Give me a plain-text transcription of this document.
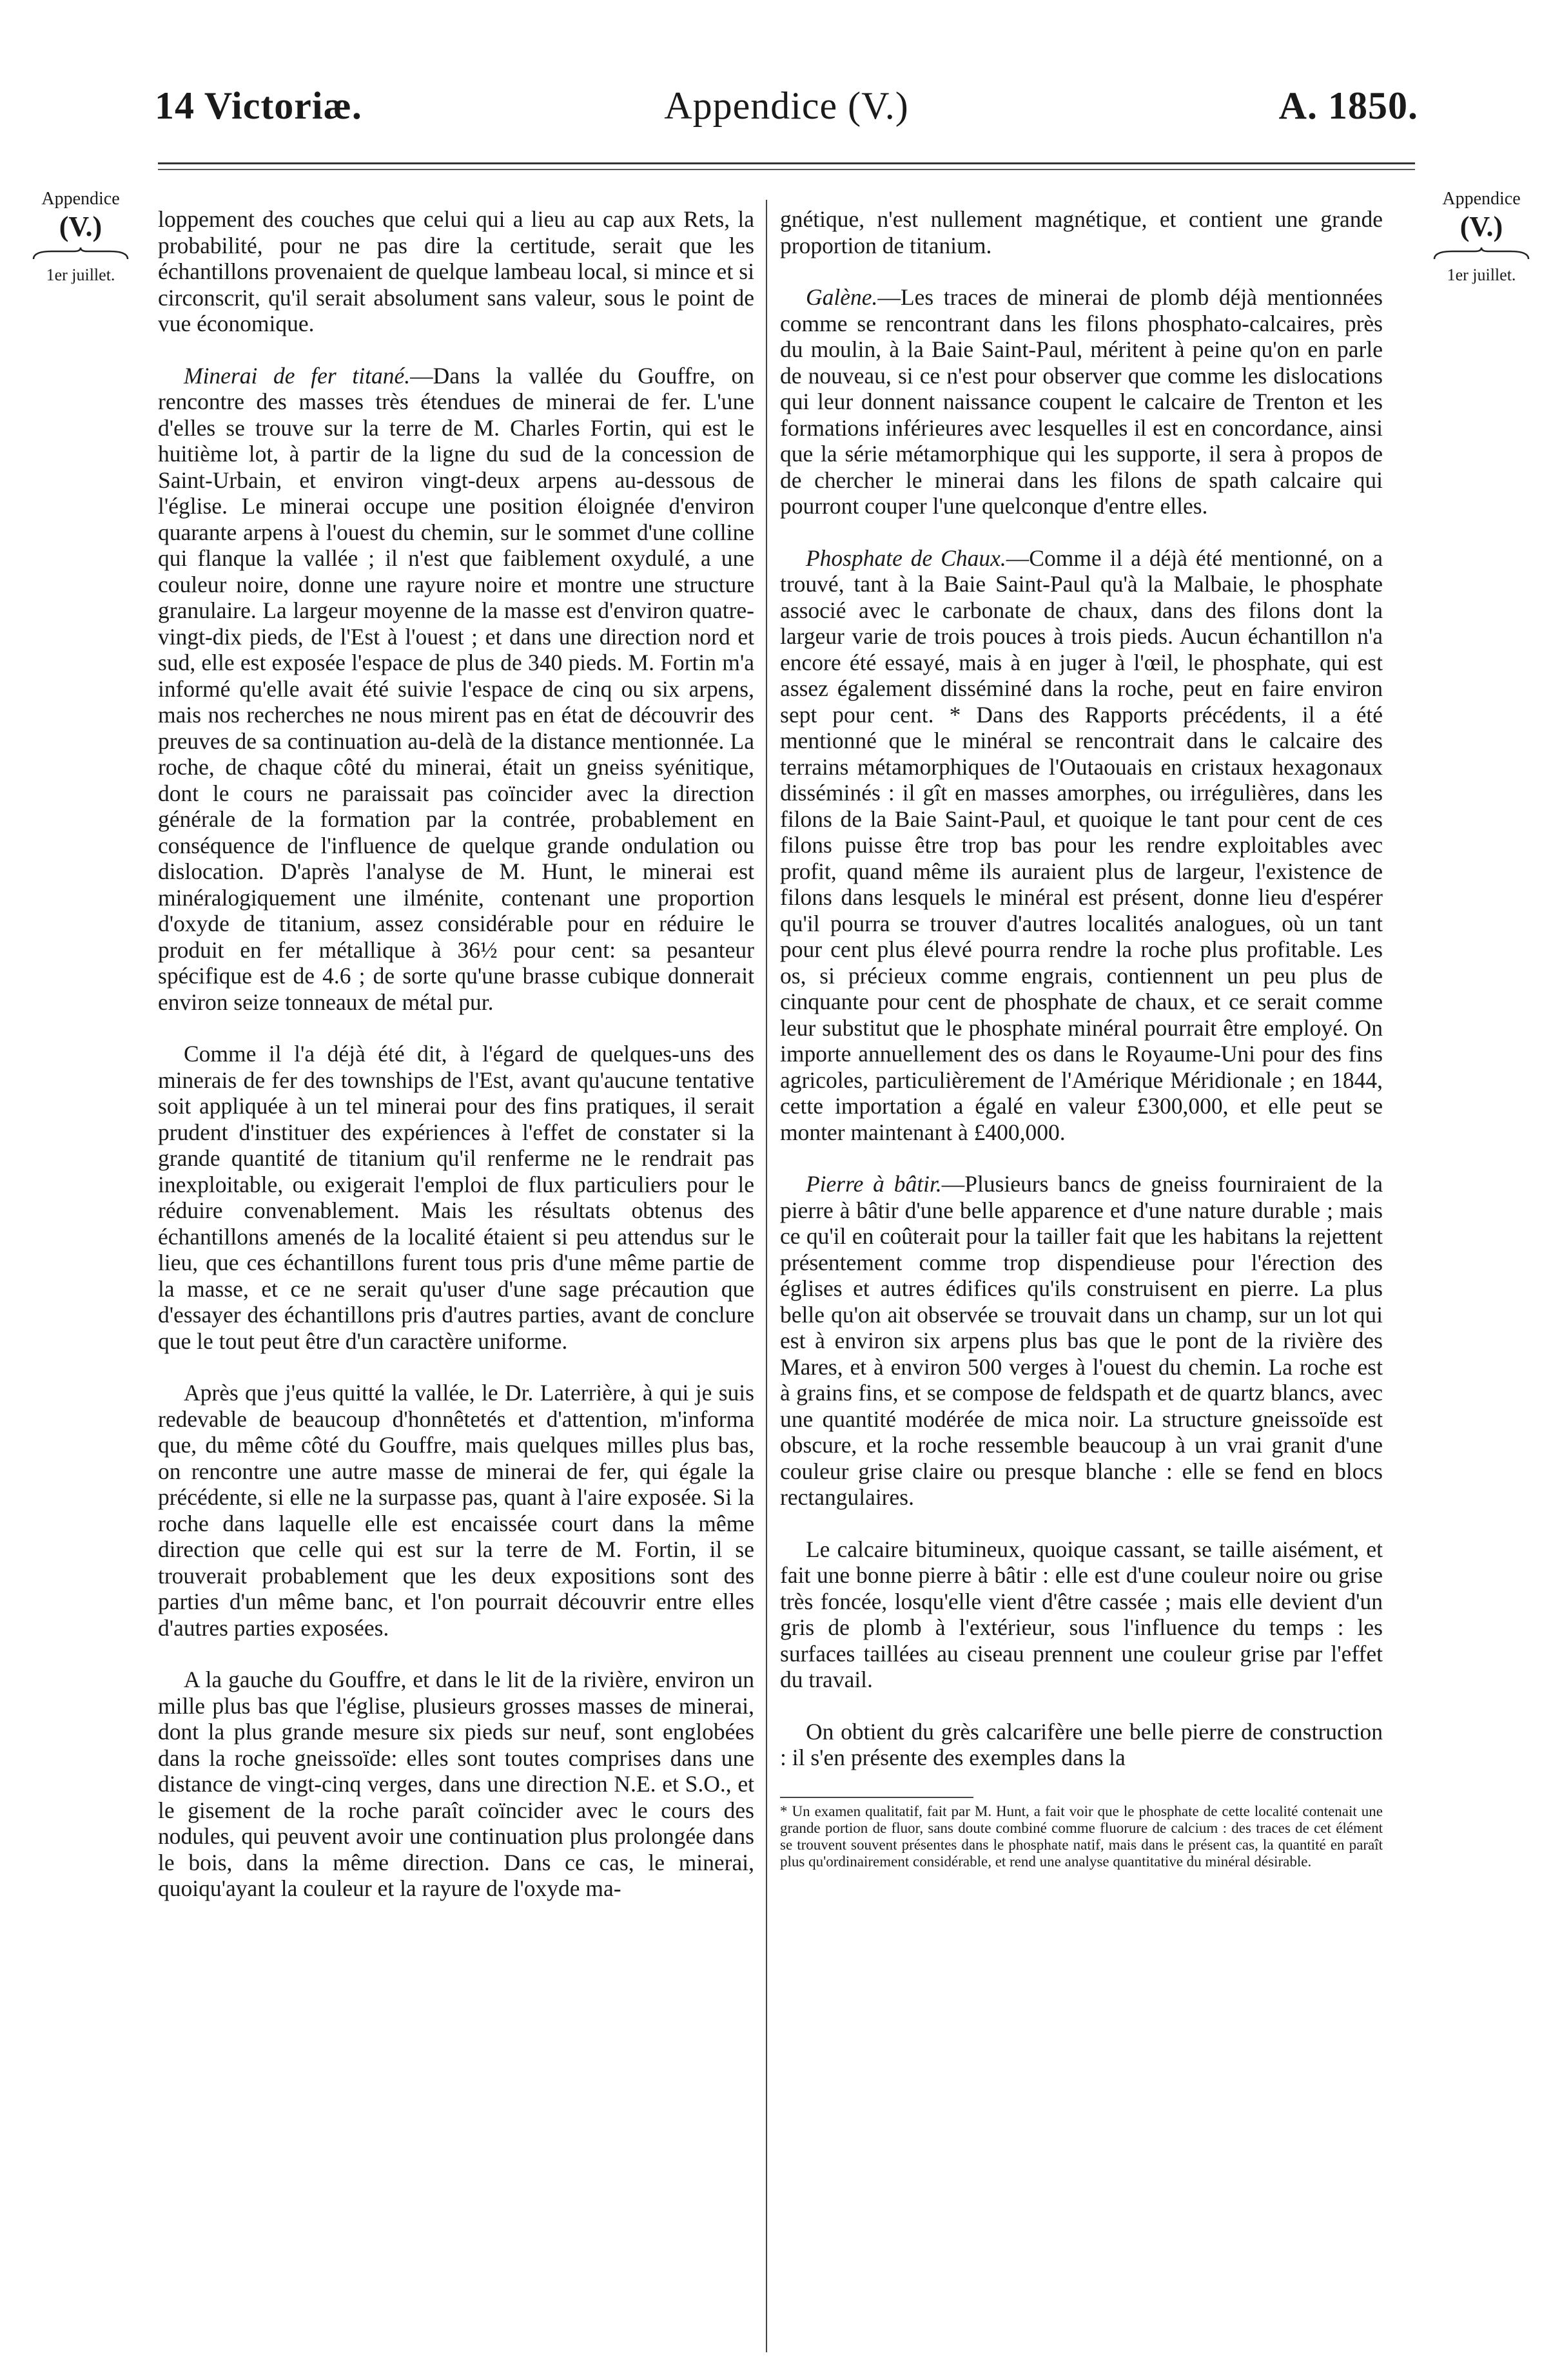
14 Victoriæ.	Appendice (V.)	A. 1850.
Appendice
(V.)
1er juillet.
Appendice
(V.)
1er juillet.

loppement des couches que celui qui a lieu au cap aux Rets, la probabilité, pour ne pas dire la certitude, serait que les échantillons provenaient de quelque lambeau local, si mince et si circonscrit, qu'il serait absolument sans valeur, sous le point de vue économique.

Minerai de fer titané.—Dans la vallée du Gouffre, on rencontre des masses très étendues de minerai de fer. L'une d'elles se trouve sur la terre de M. Charles Fortin, qui est le huitième lot, à partir de la ligne du sud de la concession de Saint-Urbain, et environ vingt-deux arpens au-dessous de l'église. Le minerai occupe une position éloignée d'environ quarante arpens à l'ouest du chemin, sur le sommet d'une colline qui flanque la vallée ; il n'est que faiblement oxydulé, a une couleur noire, donne une rayure noire et montre une structure granulaire. La largeur moyenne de la masse est d'environ quatre-vingt-dix pieds, de l'Est à l'ouest ; et dans une direction nord et sud, elle est exposée l'espace de plus de 340 pieds. M. Fortin m'a informé qu'elle avait été suivie l'espace de cinq ou six arpens, mais nos recherches ne nous mirent pas en état de découvrir des preuves de sa continuation au-delà de la distance mentionnée. La roche, de chaque côté du minerai, était un gneiss syénitique, dont le cours ne paraissait pas coïncider avec la direction générale de la formation par la contrée, probablement en conséquence de l'influence de quelque grande ondulation ou dislocation. D'après l'analyse de M. Hunt, le minerai est minéralogiquement une ilménite, contenant une proportion d'oxyde de titanium, assez considérable pour en réduire le produit en fer métallique à 36½ pour cent: sa pesanteur spécifique est de 4.6 ; de sorte qu'une brasse cubique donnerait environ seize tonneaux de métal pur.

Comme il l'a déjà été dit, à l'égard de quelques-uns des minerais de fer des townships de l'Est, avant qu'aucune tentative soit appliquée à un tel minerai pour des fins pratiques, il serait prudent d'instituer des expériences à l'effet de constater si la grande quantité de titanium qu'il renferme ne le rendrait pas inexploitable, ou exigerait l'emploi de flux particuliers pour le réduire convenablement. Mais les résultats obtenus des échantillons amenés de la localité étaient si peu attendus sur le lieu, que ces échantillons furent tous pris d'une même partie de la masse, et ce ne serait qu'user d'une sage précaution que d'essayer des échantillons pris d'autres parties, avant de conclure que le tout peut être d'un caractère uniforme.

Après que j'eus quitté la vallée, le Dr. Laterrière, à qui je suis redevable de beaucoup d'honnêtetés et d'attention, m'informa que, du même côté du Gouffre, mais quelques milles plus bas, on rencontre une autre masse de minerai de fer, qui égale la précédente, si elle ne la surpasse pas, quant à l'aire exposée. Si la roche dans laquelle elle est encaissée court dans la même direction que celle qui est sur la terre de M. Fortin, il se trouverait probablement que les deux expositions sont des parties d'un même banc, et l'on pourrait découvrir entre elles d'autres parties exposées.

A la gauche du Gouffre, et dans le lit de la rivière, environ un mille plus bas que l'église, plusieurs grosses masses de minerai, dont la plus grande mesure six pieds sur neuf, sont englobées dans la roche gneissoïde: elles sont toutes comprises dans une distance de vingt-cinq verges, dans une direction N.E. et S.O., et le gisement de la roche paraît coïncider avec le cours des nodules, qui peuvent avoir une continuation plus prolongée dans le bois, dans la même direction. Dans ce cas, le minerai, quoiqu'ayant la couleur et la rayure de l'oxyde ma-

gnétique, n'est nullement magnétique, et contient une grande proportion de titanium.

Galène.—Les traces de minerai de plomb déjà mentionnées comme se rencontrant dans les filons phosphato-calcaires, près du moulin, à la Baie Saint-Paul, méritent à peine qu'on en parle de nouveau, si ce n'est pour observer que comme les dislocations qui leur donnent naissance coupent le calcaire de Trenton et les formations inférieures avec lesquelles il est en concordance, ainsi que la série métamorphique qui les supporte, il sera à propos de de chercher le minerai dans les filons de spath calcaire qui pourront couper l'une quelconque d'entre elles.

Phosphate de Chaux.—Comme il a déjà été mentionné, on a trouvé, tant à la Baie Saint-Paul qu'à la Malbaie, le phosphate associé avec le carbonate de chaux, dans des filons dont la largeur varie de trois pouces à trois pieds. Aucun échantillon n'a encore été essayé, mais à en juger à l'œil, le phosphate, qui est assez également disséminé dans la roche, peut en faire environ sept pour cent. * Dans des Rapports précédents, il a été mentionné que le minéral se rencontrait dans le calcaire des terrains métamorphiques de l'Outaouais en cristaux hexagonaux disséminés : il gît en masses amorphes, ou irrégulières, dans les filons de la Baie Saint-Paul, et quoique le tant pour cent de ces filons puisse être trop bas pour les rendre exploitables avec profit, quand même ils auraient plus de largeur, l'existence de filons dans lesquels le minéral est présent, donne lieu d'espérer qu'il pourra se trouver d'autres localités analogues, où un tant pour cent plus élevé pourra rendre la roche plus profitable. Les os, si précieux comme engrais, contiennent un peu plus de cinquante pour cent de phosphate de chaux, et ce serait comme leur substitut que le phosphate minéral pourrait être employé. On importe annuellement des os dans le Royaume-Uni pour des fins agricoles, particulièrement de l'Amérique Méridionale ; en 1844, cette importation a égalé en valeur £300,000, et elle peut se monter maintenant à £400,000.

Pierre à bâtir.—Plusieurs bancs de gneiss fourniraient de la pierre à bâtir d'une belle apparence et d'une nature durable ; mais ce qu'il en coûterait pour la tailler fait que les habitans la rejettent présentement comme trop dispendieuse pour l'érection des églises et autres édifices qu'ils construisent en pierre. La plus belle qu'on ait observée se trouvait dans un champ, sur un lot qui est à environ six arpens plus bas que le pont de la rivière des Mares, et à environ 500 verges à l'ouest du chemin. La roche est à grains fins, et se compose de feldspath et de quartz blancs, avec une quantité modérée de mica noir. La structure gneissoïde est obscure, et la roche ressemble beaucoup à un vrai granit d'une couleur grise claire ou presque blanche : elle se fend en blocs rectangulaires.

Le calcaire bitumineux, quoique cassant, se taille aisément, et fait une bonne pierre à bâtir : elle est d'une couleur noire ou grise très foncée, losqu'elle vient d'être cassée ; mais elle devient d'un gris de plomb à l'extérieur, sous l'influence du temps : les surfaces taillées au ciseau prennent une couleur grise par l'effet du travail.

On obtient du grès calcarifère une belle pierre de construction : il s'en présente des exemples dans la

* Un examen qualitatif, fait par M. Hunt, a fait voir que le phosphate de cette localité contenait une grande portion de fluor, sans doute combiné comme fluorure de calcium : des traces de cet élément se trouvent souvent présentes dans le phosphate natif, mais dans le présent cas, la quantité en paraît plus qu'ordinairement considérable, et rend une analyse quantitative du minéral désirable.
